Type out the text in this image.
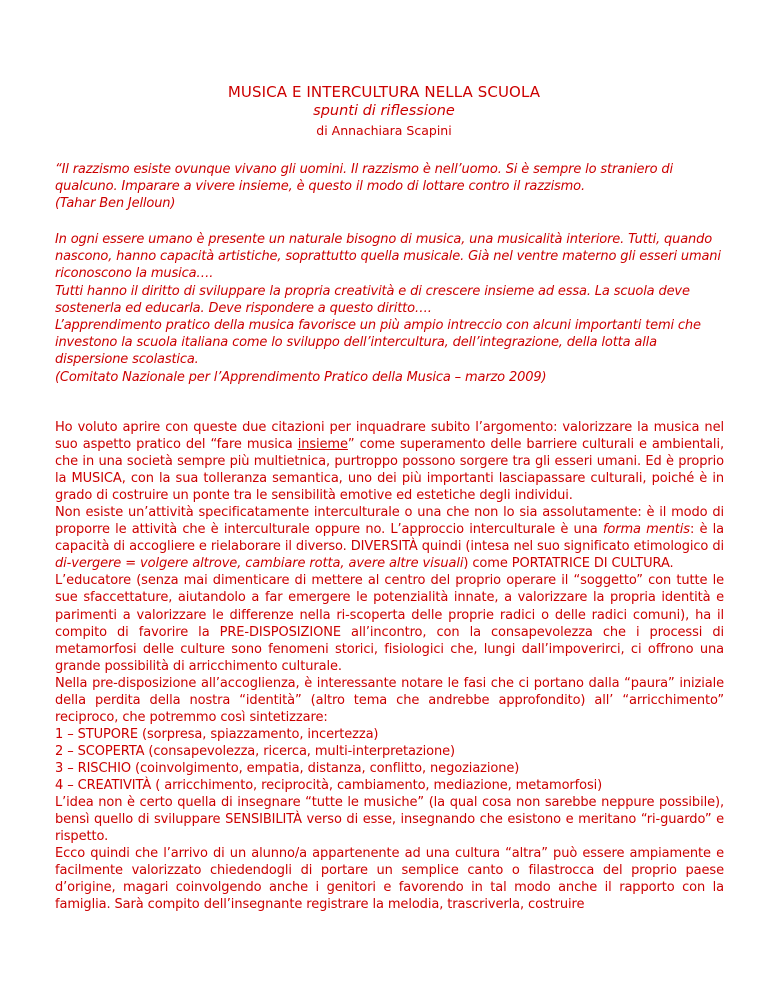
MUSICA E INTERCULTURA NELLA SCUOLA
spunti di riflessione
di Annachiara Scapini

“Il razzismo esiste ovunque vivano gli uomini. Il razzismo è nell’uomo. Si è sempre lo straniero di qualcuno. Imparare a vivere insieme, è questo il modo di lottare contro il razzismo.

(Tahar Ben Jelloun)

In ogni essere umano è presente un naturale bisogno di musica, una musicalità interiore. Tutti, quando nascono, hanno capacità artistiche, soprattutto quella musicale. Già nel ventre materno gli esseri umani riconoscono la musica….

Tutti hanno il diritto di sviluppare la propria creatività e di crescere insieme ad essa. La scuola deve sostenerla ed educarla. Deve rispondere a questo diritto….

L’apprendimento pratico della musica favorisce un più ampio intreccio con alcuni importanti temi che investono la scuola italiana come lo sviluppo dell’intercultura, dell’integrazione, della lotta alla dispersione scolastica.

(Comitato Nazionale per l’Apprendimento Pratico della Musica – marzo 2009)

Ho voluto aprire con queste due citazioni per inquadrare subito l’argomento: valorizzare la musica nel suo aspetto pratico del “fare musica insieme” come superamento delle barriere culturali e ambientali, che in una società sempre più multietnica, purtroppo possono sorgere tra gli esseri umani. Ed è proprio la MUSICA, con la sua tolleranza semantica, uno dei più importanti lasciapassare culturali, poiché è in grado di costruire un ponte tra le sensibilità emotive ed estetiche degli individui.

Non esiste un’attività specificatamente interculturale o una che non lo sia assolutamente: è il modo di proporre le attività che è interculturale oppure no. L’approccio interculturale è una forma mentis: è la capacità di accogliere e rielaborare il diverso. DIVERSITÀ quindi (intesa nel suo significato etimologico di di-vergere = volgere altrove, cambiare rotta, avere altre visuali) come PORTATRICE DI CULTURA.

L’educatore (senza mai dimenticare di mettere al centro del proprio operare il “soggetto” con tutte le sue sfaccettature, aiutandolo a far emergere le potenzialità innate, a valorizzare la propria identità e parimenti a valorizzare le differenze nella ri-scoperta delle proprie radici o delle radici comuni), ha il compito di favorire la PRE-DISPOSIZIONE all’incontro, con la consapevolezza che i processi di metamorfosi delle culture sono fenomeni storici, fisiologici che, lungi dall’impoverirci, ci offrono una grande possibilità di arricchimento culturale.

Nella pre-disposizione all’accoglienza, è interessante notare le fasi che ci portano dalla “paura” iniziale della perdita della nostra “identità” (altro tema che andrebbe approfondito) all’ “arricchimento” reciproco, che potremmo così sintetizzare:

1 – STUPORE (sorpresa, spiazzamento, incertezza)

2 – SCOPERTA (consapevolezza, ricerca, multi-interpretazione)

3 – RISCHIO (coinvolgimento, empatia, distanza, conflitto, negoziazione)

4 – CREATIVITÀ ( arricchimento, reciprocità, cambiamento, mediazione, metamorfosi)

L’idea non è certo quella di insegnare “tutte le musiche” (la qual cosa non sarebbe neppure possibile), bensì quello di sviluppare SENSIBILITÀ verso di esse, insegnando che esistono e meritano “ri-guardo” e rispetto.

Ecco quindi che l’arrivo di un alunno/a appartenente ad una cultura “altra” può essere ampiamente e facilmente valorizzato chiedendogli di portare un semplice canto o filastrocca del proprio paese d’origine, magari coinvolgendo anche i genitori e favorendo in tal modo anche il rapporto con la famiglia. Sarà compito dell’insegnante registrare la melodia, trascriverla, costruire
